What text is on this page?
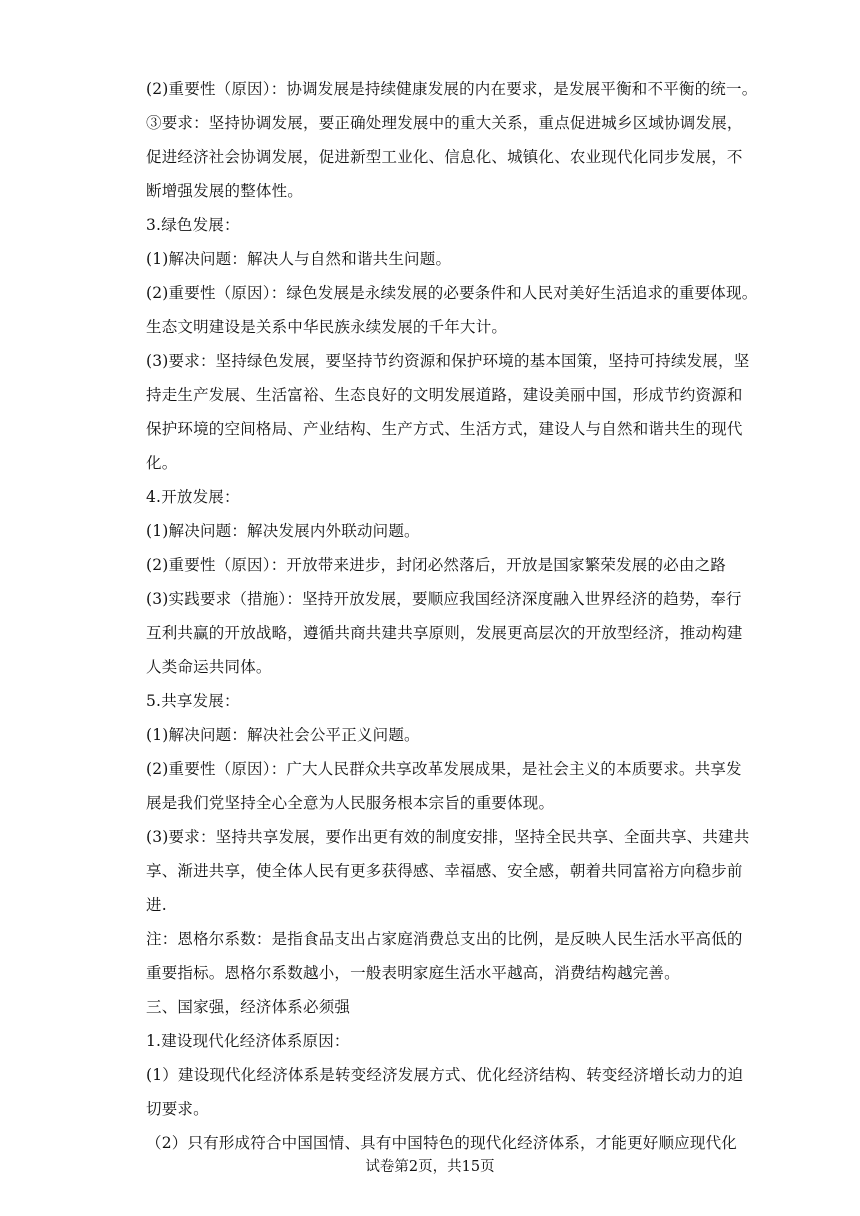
(2)重要性（原因）：协调发展是持续健康发展的内在要求，是发展平衡和不平衡的统一。
③要求：坚持协调发展，要正确处理发展中的重大关系，重点促进城乡区域协调发展，
促进经济社会协调发展，促进新型工业化、信息化、城镇化、农业现代化同步发展，不
断增强发展的整体性。
3.绿色发展：
(1)解决问题：解决人与自然和谐共生问题。
(2)重要性（原因）：绿色发展是永续发展的必要条件和人民对美好生活追求的重要体现。
生态文明建设是关系中华民族永续发展的千年大计。
(3)要求：坚持绿色发展，要坚持节约资源和保护环境的基本国策，坚持可持续发展，坚
持走生产发展、生活富裕、生态良好的文明发展道路，建设美丽中国，形成节约资源和
保护环境的空间格局、产业结构、生产方式、生活方式，建设人与自然和谐共生的现代
化。
4.开放发展：
(1)解决问题：解决发展内外联动问题。
(2)重要性（原因）：开放带来进步，封闭必然落后，开放是国家繁荣发展的必由之路
(3)实践要求（措施）：坚持开放发展，要顺应我国经济深度融入世界经济的趋势，奉行
互利共赢的开放战略，遵循共商共建共享原则，发展更高层次的开放型经济，推动构建
人类命运共同体。
5.共享发展：
(1)解决问题：解决社会公平正义问题。
(2)重要性（原因）：广大人民群众共享改革发展成果，是社会主义的本质要求。共享发
展是我们党坚持全心全意为人民服务根本宗旨的重要体现。
(3)要求：坚持共享发展，要作出更有效的制度安排，坚持全民共享、全面共享、共建共
享、渐进共享，使全体人民有更多获得感、幸福感、安全感，朝着共同富裕方向稳步前
进.
注：恩格尔系数：是指食品支出占家庭消费总支出的比例，是反映人民生活水平高低的
重要指标。恩格尔系数越小，一般表明家庭生活水平越高，消费结构越完善。
三、国家强，经济体系必须强
1.建设现代化经济体系原因：
(1）建设现代化经济体系是转变经济发展方式、优化经济结构、转变经济增长动力的迫
切要求。
（2）只有形成符合中国国情、具有中国特色的现代化经济体系，才能更好顺应现代化
试卷第2页，共15页
